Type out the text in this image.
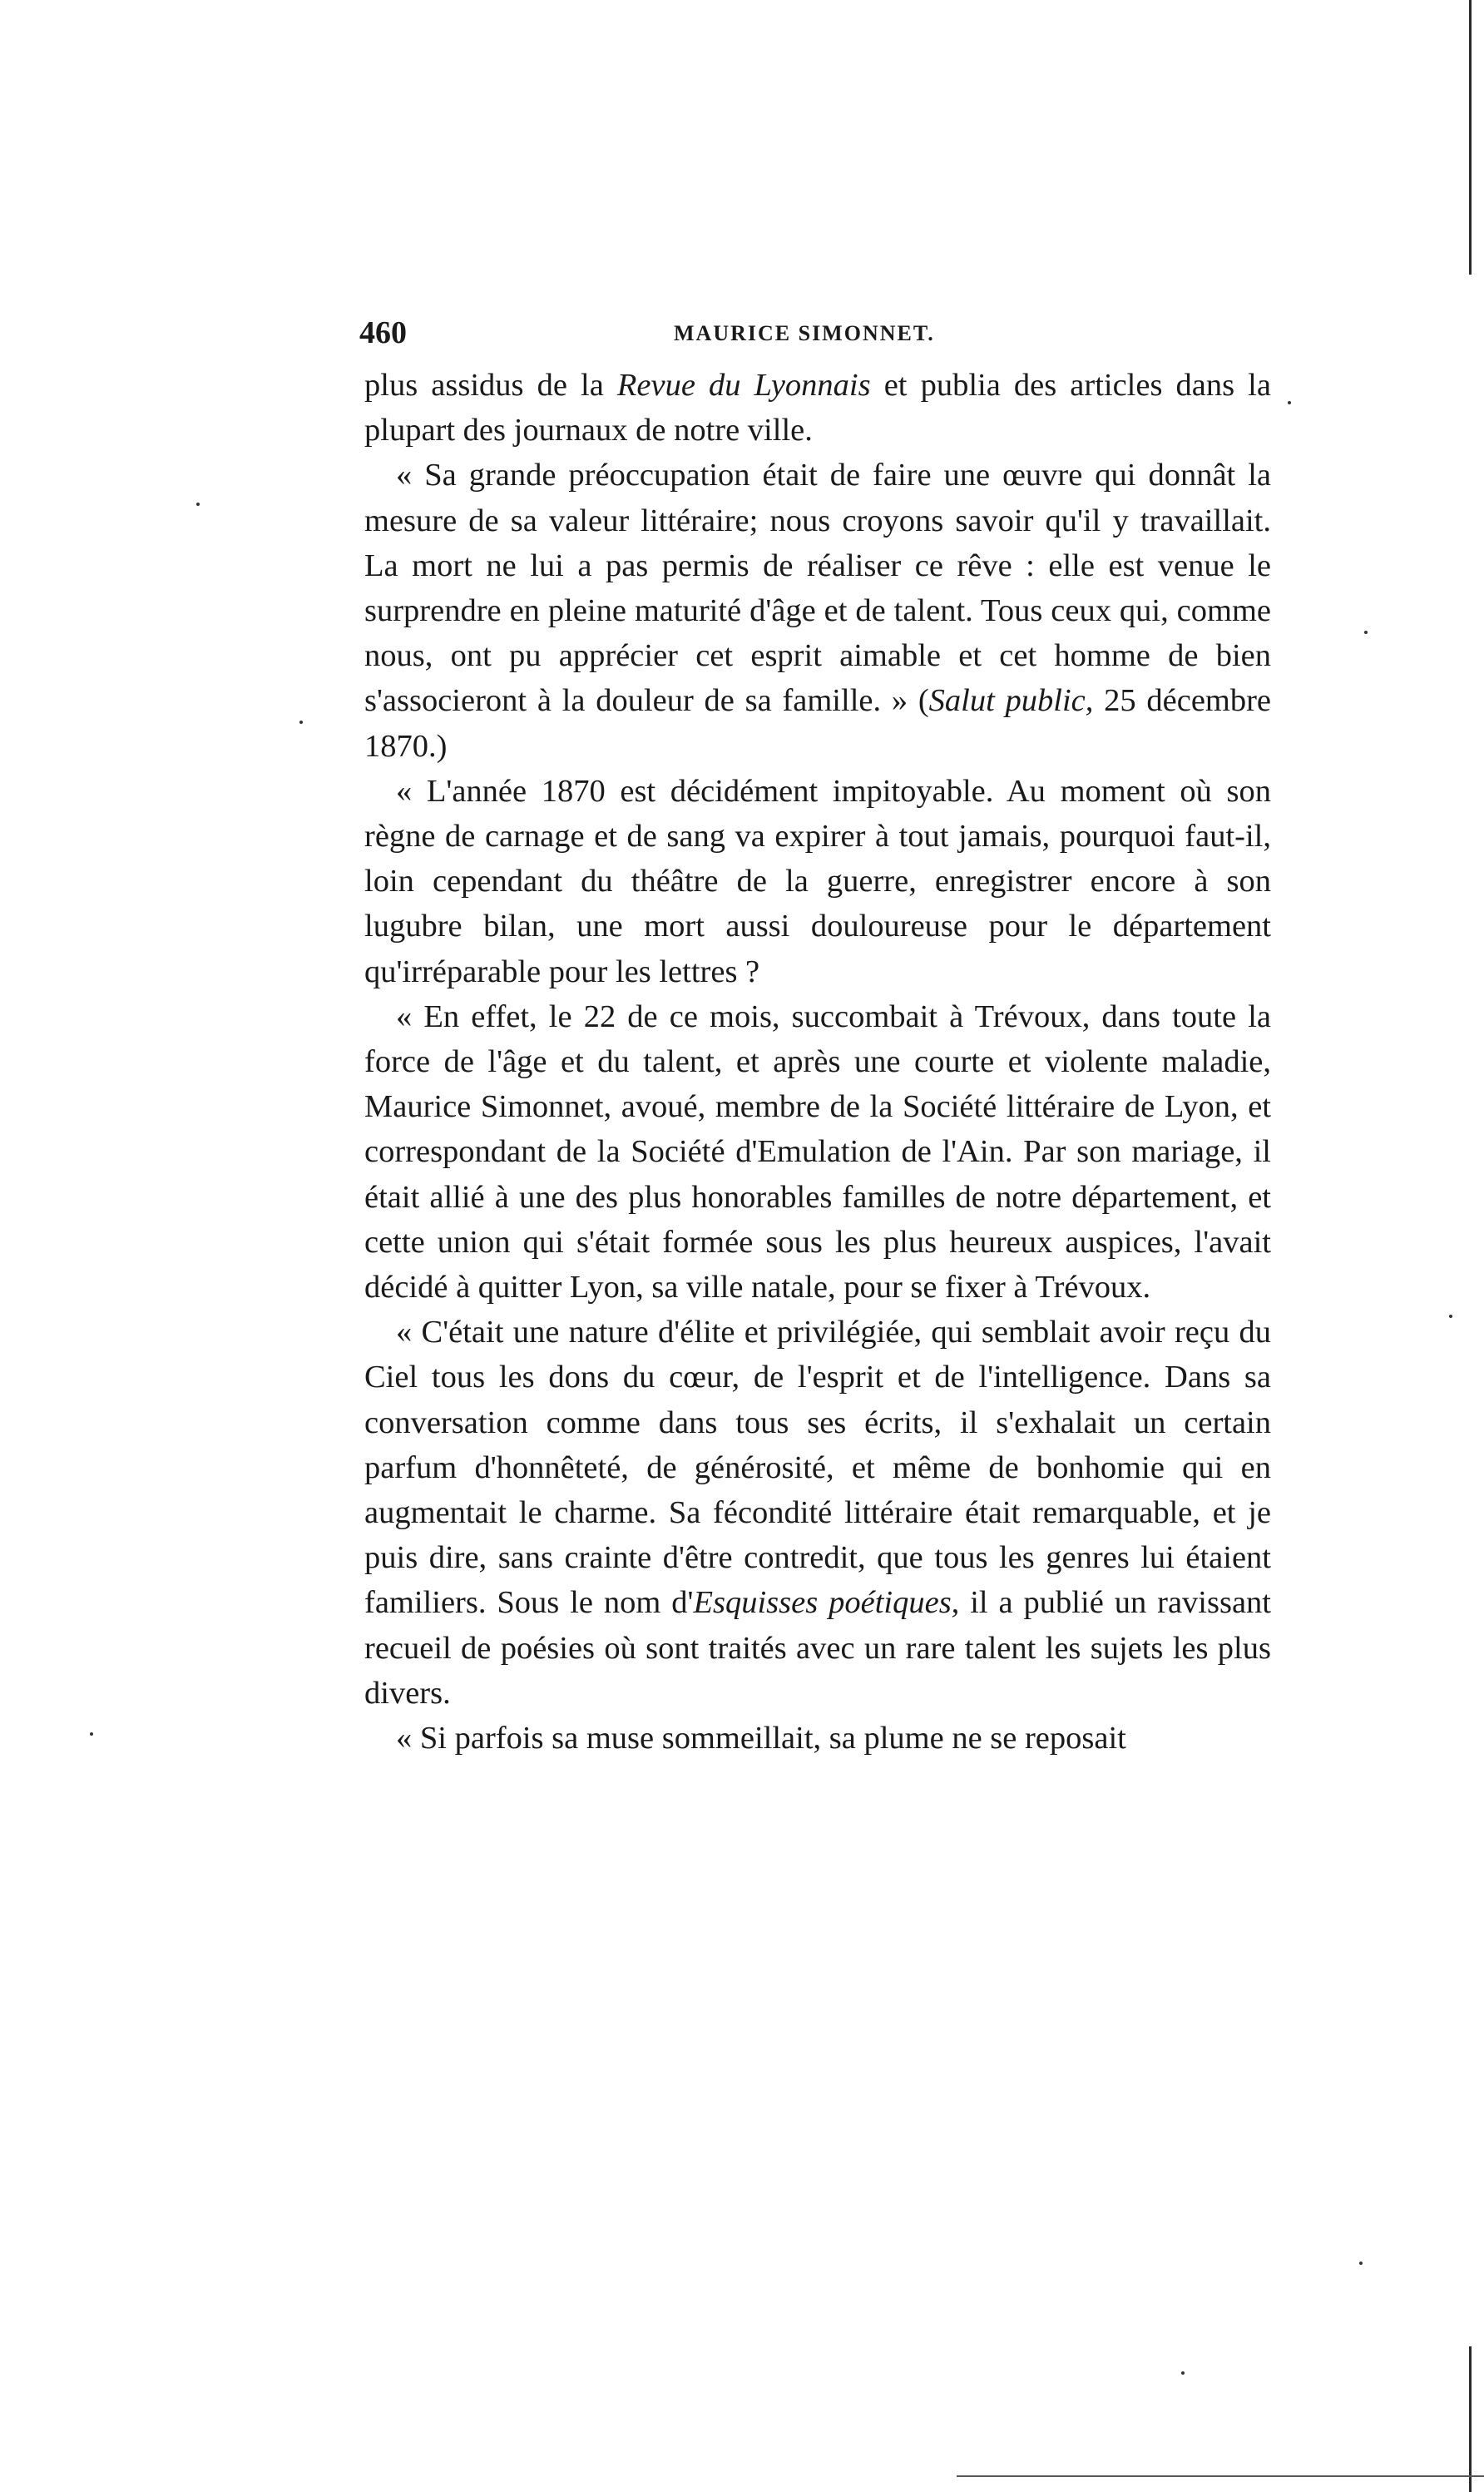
460	MAURICE SIMONNET.

plus assidus de la Revue du Lyonnais et publia des articles dans la plupart des journaux de notre ville.

« Sa grande préoccupation était de faire une œuvre qui donnât la mesure de sa valeur littéraire; nous croyons savoir qu'il y travaillait. La mort ne lui a pas permis de réaliser ce rêve : elle est venue le surprendre en pleine maturité d'âge et de talent. Tous ceux qui, comme nous, ont pu apprécier cet esprit aimable et cet homme de bien s'associeront à la douleur de sa famille. » (Salut public, 25 décembre 1870.)

« L'année 1870 est décidément impitoyable. Au moment où son règne de carnage et de sang va expirer à tout jamais, pourquoi faut-il, loin cependant du théâtre de la guerre, enregistrer encore à son lugubre bilan, une mort aussi douloureuse pour le département qu'irréparable pour les lettres ?

« En effet, le 22 de ce mois, succombait à Trévoux, dans toute la force de l'âge et du talent, et après une courte et violente maladie, Maurice Simonnet, avoué, membre de la Société littéraire de Lyon, et correspondant de la Société d'Emulation de l'Ain. Par son mariage, il était allié à une des plus honorables familles de notre département, et cette union qui s'était formée sous les plus heureux auspices, l'avait décidé à quitter Lyon, sa ville natale, pour se fixer à Trévoux.

« C'était une nature d'élite et privilégiée, qui semblait avoir reçu du Ciel tous les dons du cœur, de l'esprit et de l'intelligence. Dans sa conversation comme dans tous ses écrits, il s'exhalait un certain parfum d'honnêteté, de générosité, et même de bonhomie qui en augmentait le charme. Sa fécondité littéraire était remarquable, et je puis dire, sans crainte d'être contredit, que tous les genres lui étaient familiers. Sous le nom d'Esquisses poétiques, il a publié un ravissant recueil de poésies où sont traités avec un rare talent les sujets les plus divers.

« Si parfois sa muse sommeillait, sa plume ne se reposait
